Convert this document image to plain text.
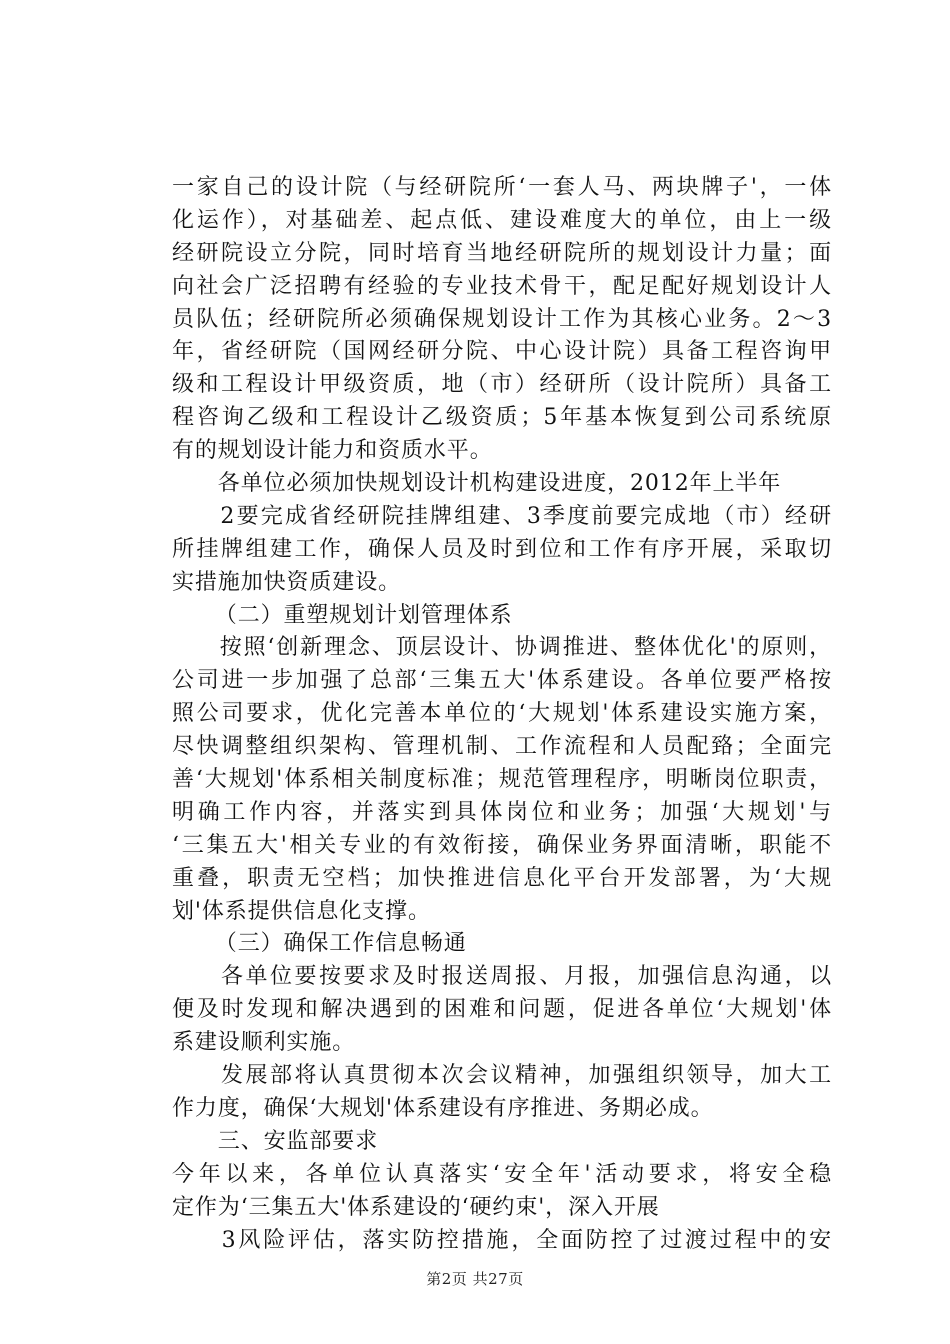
一家自己的设计院（与经研院所‘一套人马、两块牌子'，一体
化运作），对基础差、起点低、建设难度大的单位，由上一级
经研院设立分院，同时培育当地经研院所的规划设计力量；面
向社会广泛招聘有经验的专业技术骨干，配足配好规划设计人
员队伍；经研院所必须确保规划设计工作为其核心业务。2～3
年，省经研院（国网经研分院、中心设计院）具备工程咨询甲
级和工程设计甲级资质，地（市）经研所（设计院所）具备工
程咨询乙级和工程设计乙级资质；5年基本恢复到公司系统原
有的规划设计能力和资质水平。
　　各单位必须加快规划设计机构建设进度，2012年上半年
　　2要完成省经研院挂牌组建、3季度前要完成地（市）经研
所挂牌组建工作，确保人员及时到位和工作有序开展，采取切
实措施加快资质建设。
　　（二）重塑规划计划管理体系
　　按照‘创新理念、顶层设计、协调推进、整体优化'的原则，
公司进一步加强了总部‘三集五大'体系建设。各单位要严格按
照公司要求，优化完善本单位的‘大规划'体系建设实施方案，
尽快调整组织架构、管理机制、工作流程和人员配臵；全面完
善‘大规划'体系相关制度标准；规范管理程序，明晰岗位职责，
明确工作内容，并落实到具体岗位和业务；加强‘大规划'与
‘三集五大'相关专业的有效衔接，确保业务界面清晰，职能不
重叠，职责无空档；加快推进信息化平台开发部署，为‘大规
划'体系提供信息化支撑。
　　（三）确保工作信息畅通
　　各单位要按要求及时报送周报、月报，加强信息沟通，以
便及时发现和解决遇到的困难和问题，促进各单位‘大规划'体
系建设顺利实施。
　　发展部将认真贯彻本次会议精神，加强组织领导，加大工
作力度，确保‘大规划'体系建设有序推进、务期必成。
　　三、安监部要求
今年以来，各单位认真落实‘安全年'活动要求，将安全稳
定作为‘三集五大'体系建设的‘硬约束'，深入开展
　　3风险评估，落实防控措施，全面防控了过渡过程中的安
第2页 共27页
